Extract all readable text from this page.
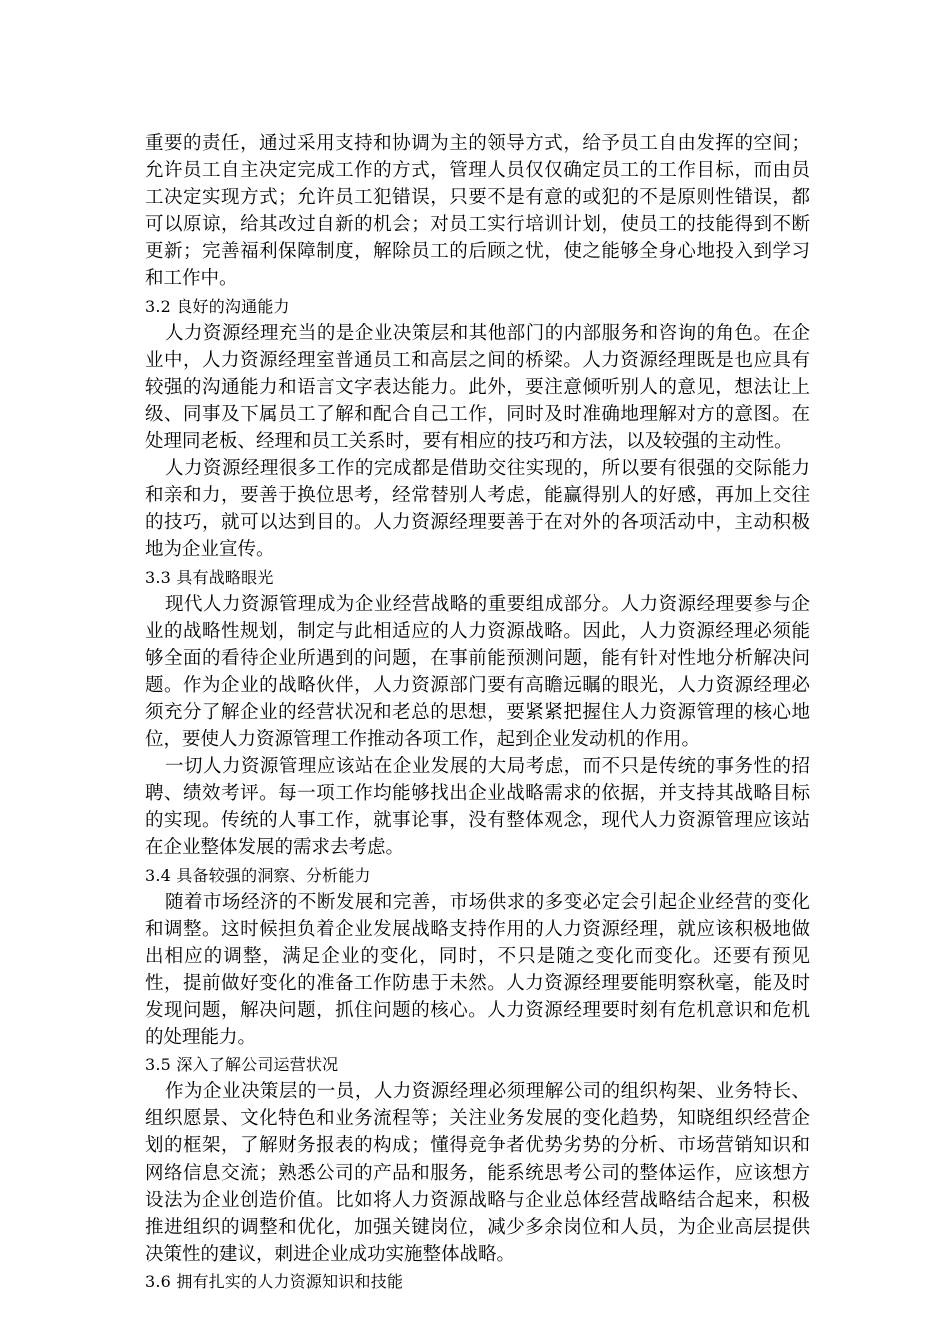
重要的责任，通过采用支持和协调为主的领导方式，给予员工自由发挥的空间；允许员工自主决定完成工作的方式，管理人员仅仅确定员工的工作目标，而由员工决定实现方式；允许员工犯错误，只要不是有意的或犯的不是原则性错误，都可以原谅，给其改过自新的机会；对员工实行培训计划，使员工的技能得到不断更新；完善福利保障制度，解除员工的后顾之忧，使之能够全身心地投入到学习和工作中。

3.2 良好的沟通能力

人力资源经理充当的是企业决策层和其他部门的内部服务和咨询的角色。在企业中，人力资源经理室普通员工和高层之间的桥梁。人力资源经理既是也应具有较强的沟通能力和语言文字表达能力。此外，要注意倾听别人的意见，想法让上级、同事及下属员工了解和配合自己工作，同时及时准确地理解对方的意图。在处理同老板、经理和员工关系时，要有相应的技巧和方法，以及较强的主动性。

人力资源经理很多工作的完成都是借助交往实现的，所以要有很强的交际能力和亲和力，要善于换位思考，经常替别人考虑，能赢得别人的好感，再加上交往的技巧，就可以达到目的。人力资源经理要善于在对外的各项活动中，主动积极地为企业宣传。

3.3 具有战略眼光

现代人力资源管理成为企业经营战略的重要组成部分。人力资源经理要参与企业的战略性规划，制定与此相适应的人力资源战略。因此，人力资源经理必须能够全面的看待企业所遇到的问题，在事前能预测问题，能有针对性地分析解决问题。作为企业的战略伙伴，人力资源部门要有高瞻远瞩的眼光，人力资源经理必须充分了解企业的经营状况和老总的思想，要紧紧把握住人力资源管理的核心地位，要使人力资源管理工作推动各项工作，起到企业发动机的作用。

一切人力资源管理应该站在企业发展的大局考虑，而不只是传统的事务性的招聘、绩效考评。每一项工作均能够找出企业战略需求的依据，并支持其战略目标的实现。传统的人事工作，就事论事，没有整体观念，现代人力资源管理应该站在企业整体发展的需求去考虑。

3.4 具备较强的洞察、分析能力

随着市场经济的不断发展和完善，市场供求的多变必定会引起企业经营的变化和调整。这时候担负着企业发展战略支持作用的人力资源经理，就应该积极地做出相应的调整，满足企业的变化，同时，不只是随之变化而变化。还要有预见性，提前做好变化的准备工作防患于未然。人力资源经理要能明察秋毫，能及时发现问题，解决问题，抓住问题的核心。人力资源经理要时刻有危机意识和危机的处理能力。

3.5 深入了解公司运营状况

作为企业决策层的一员，人力资源经理必须理解公司的组织构架、业务特长、组织愿景、文化特色和业务流程等；关注业务发展的变化趋势，知晓组织经营企划的框架，了解财务报表的构成；懂得竞争者优势劣势的分析、市场营销知识和网络信息交流；熟悉公司的产品和服务，能系统思考公司的整体运作，应该想方设法为企业创造价值。比如将人力资源战略与企业总体经营战略结合起来，积极推进组织的调整和优化，加强关键岗位，减少多余岗位和人员，为企业高层提供决策性的建议，刺进企业成功实施整体战略。

3.6 拥有扎实的人力资源知识和技能
